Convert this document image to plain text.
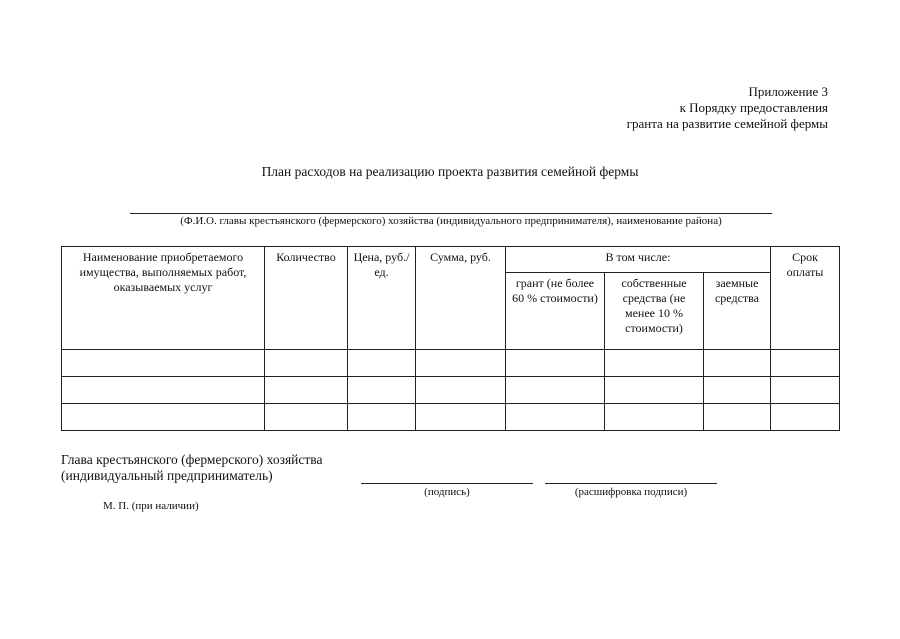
Приложение 3
к Порядку предоставления
гранта на развитие семейной фермы
План расходов на реализацию проекта развития семейной фермы
(Ф.И.О. главы крестьянского (фермерского) хозяйства (индивидуального предпринимателя), наименование района)
Наименование приобретаемого имущества, выполняемых работ, оказываемых услуг	Количество	Цена, руб./ед.	Сумма, руб.	В том числе:			Срок оплаты
				грант (не более 60 % стоимости)	собственные средства (не менее 10 % стоимости)	заемные средства	

Глава крестьянского (фермерского) хозяйства
(индивидуальный предприниматель)
(подпись)	(расшифровка подписи)
М. П. (при наличии)
